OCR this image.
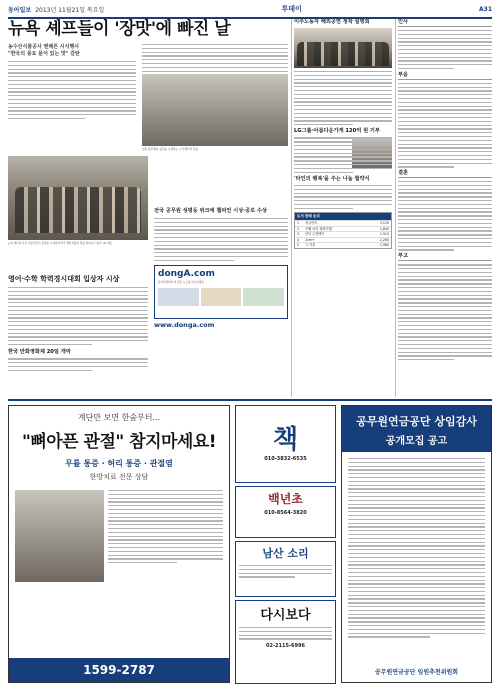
동아일보 2013년 11월21일 목요일	투데이	A31
뉴욕 셰프들이 '장맛'에 빠진 날
농수산식품공사 맨해튼 시식행사
"한국의 풍요 묻어 있는 맛" 감탄
전통 장과 발효 음식을 소개하는 시식 행사장 모습.
뉴욕 셰프와 요리 전문가들이 장맛을 시식하며 한국 발효식품의 맛을 알아보고 있다. aT 제공
전국 공무원 성평등 위크에 챔피언 시상·공로 수상
dongA.com
동아닷컴에서 더 많은 뉴스를 만나보세요
www.donga.com
영어·수학 학력경시대회 입상자 시상
한국 만화영화제 20일 개막
이주노동자 해외공연 정착 설명회
LG그룹·아름다운가게 120억 원 기부
'타인의 행복'을 주는 나눔 협약식
도서 판매 순위
1	정글만리	3,120
2	꾸뻬 씨의 행복여행	2,840
3	안녕 주정뱅이	2,510
4	1cm+	2,260
5	그 겨울	1,980
인사
부음
결혼
부고
계단만 보면 한숨부터...
"뼈아픈 관절" 참지마세요!
무릎 통증 · 허리 통증 · 관절염
한방치료 전문 상담
1599-2787
책
010-3832-6535
백년초
010-8564-3820
남산 소리
다시보다
02-2115-6996
공무원연금공단 상임감사
공개모집 공고
공무원연금공단 임원추천위원회
